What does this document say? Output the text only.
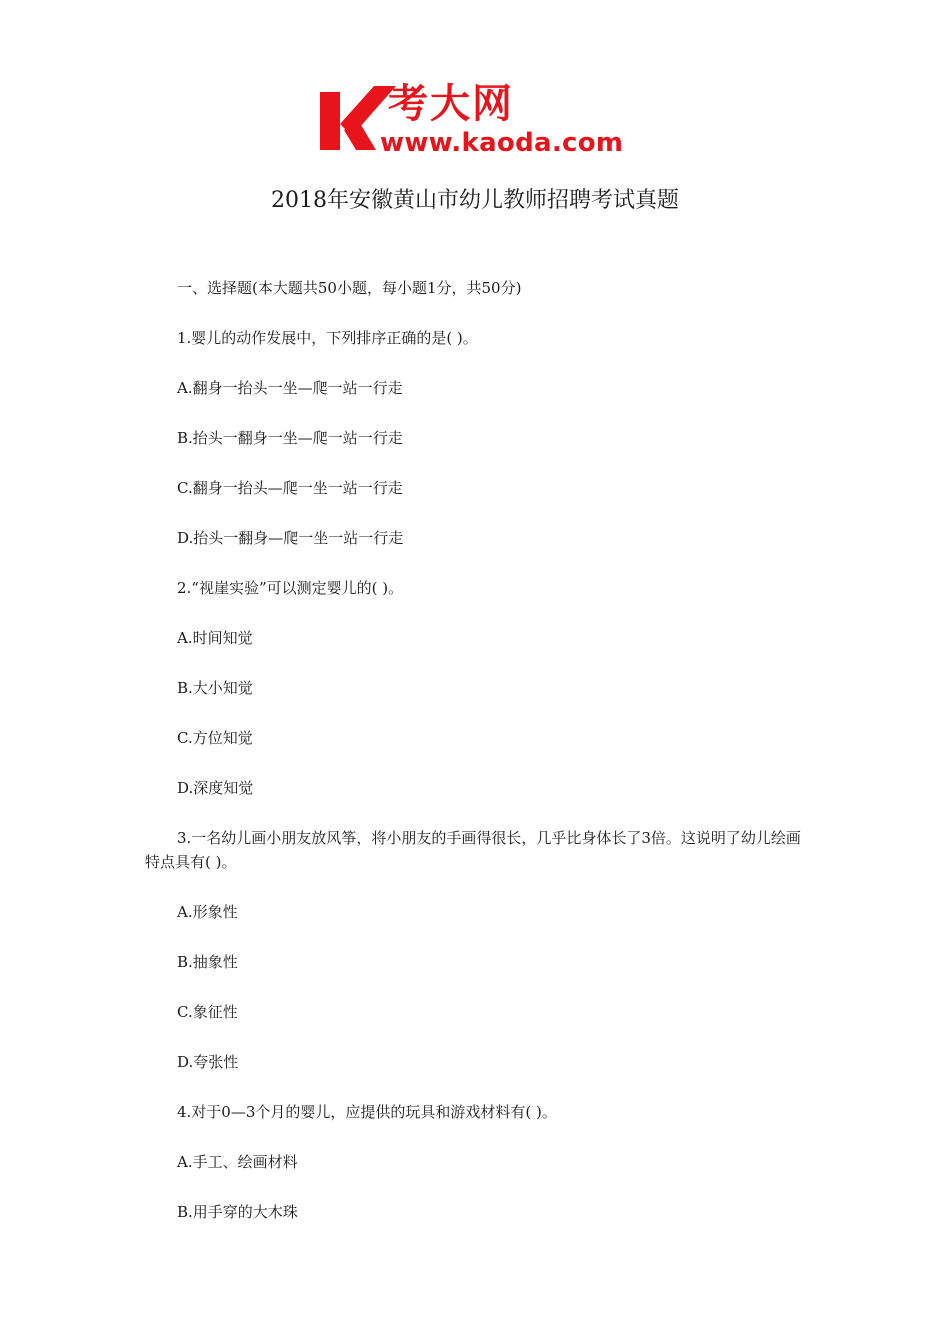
考大网
www.kaoda.com
2018年安徽黄山市幼儿教师招聘考试真题

一、选择题(本大题共50小题，每小题1分，共50分)

1.婴儿的动作发展中，下列排序正确的是( )。

A.翻身一抬头一坐—爬一站一行走

B.抬头一翻身一坐—爬一站一行走

C.翻身一抬头—爬一坐一站一行走

D.抬头一翻身—爬一坐一站一行走

2.“视崖实验”可以测定婴儿的( )。

A.时间知觉

B.大小知觉

C.方位知觉

D.深度知觉

3.一名幼儿画小朋友放风筝，将小朋友的手画得很长，几乎比身体长了3倍。这说明了幼儿绘画特点具有( )。

A.形象性

B.抽象性

C.象征性

D.夸张性

4.对于0—3个月的婴儿，应提供的玩具和游戏材料有( )。

A.手工、绘画材料

B.用手穿的大木珠
